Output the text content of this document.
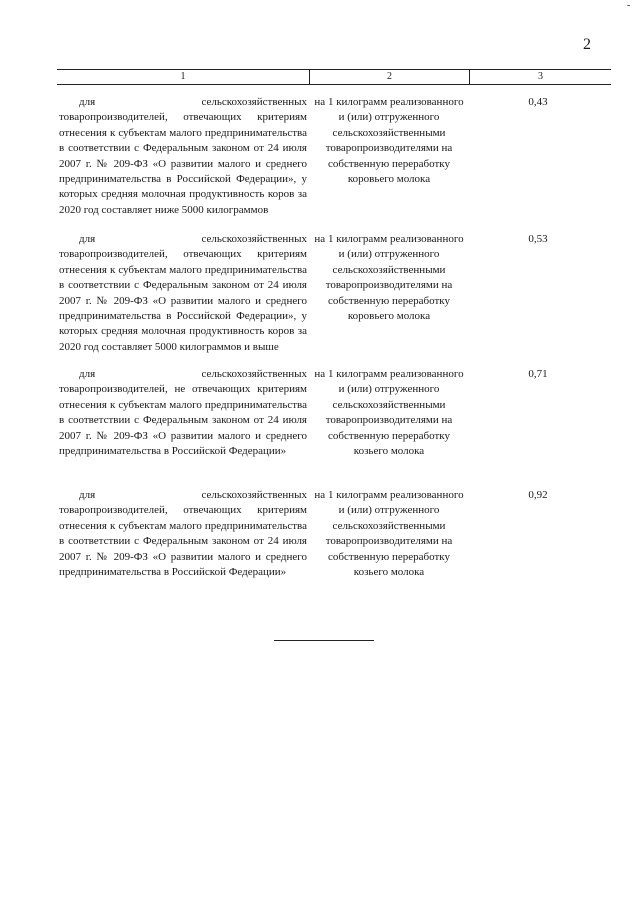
-
2
1	2	3
для сельскохозяйственных товаропроизводителей, отвечающих критериям отнесения к субъектам малого предпринимательства в соответствии с Федеральным законом от 24 июля 2007 г. № 209-ФЗ «О развитии малого и среднего предпринимательства в Российской Федерации», у которых средняя молочная продуктивность коров за 2020 год составляет ниже 5000 килограммов
на 1 килограмм реализованного и (или) отгруженного сельскохозяйственными товаропроизводителями на собственную переработку коровьего молока
0,43
для сельскохозяйственных товаропроизводителей, отвечающих критериям отнесения к субъектам малого предпринимательства в соответствии с Федеральным законом от 24 июля 2007 г. № 209-ФЗ «О развитии малого и среднего предпринимательства в Российской Федерации», у которых средняя молочная продуктивность коров за 2020 год составляет 5000 килограммов и выше
на 1 килограмм реализованного и (или) отгруженного сельскохозяйственными товаропроизводителями на собственную переработку коровьего молока
0,53
для сельскохозяйственных товаропроизводителей, не отвечающих критериям отнесения к субъектам малого предпринимательства в соответствии с Федеральным законом от 24 июля 2007 г. № 209-ФЗ «О развитии малого и среднего предпринимательства в Российской Федерации»
на 1 килограмм реализованного и (или) отгруженного сельскохозяйственными товаропроизводителями на собственную переработку козьего молока
0,71
для сельскохозяйственных товаропроизводителей, отвечающих критериям отнесения к субъектам малого предпринимательства в соответствии с Федеральным законом от 24 июля 2007 г. № 209-ФЗ «О развитии малого и среднего предпринимательства в Российской Федерации»
на 1 килограмм реализованного и (или) отгруженного сельскохозяйственными товаропроизводителями на собственную переработку козьего молока
0,92
